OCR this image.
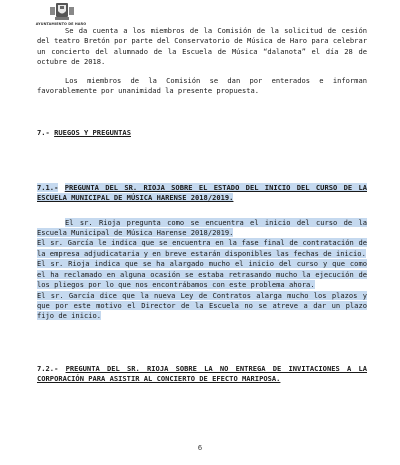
AYUNTAMIENTO DE HARO

Se da cuenta a los miembros de la Comisión de la solicitud de cesión del teatro Bretón por parte del Conservatorio de Música de Haro para celebrar un concierto del alumnado de la Escuela de Música “dalanota” el día 28 de octubre de 2018.

Los miembros de la Comisión se dan por enterados e informan favorablemente por unanimidad la presente propuesta.

7.- RUEGOS Y PREGUNTAS

7.1.- PREGUNTA DEL SR. RIOJA SOBRE EL ESTADO DEL INICIO DEL CURSO DE LA ESCUELA MUNICIPAL DE MÚSICA HARENSE 2018/2019.

El sr. Rioja pregunta como se encuentra el inicio del curso de la Escuela Municipal de Música Harense 2018/2019.

El sr. García le indica que se encuentra en la fase final de contratación de la empresa adjudicataria y en breve estarán disponibles las fechas de inicio.

El sr. Rioja indica que se ha alargado mucho el inicio del curso y que como el ha reclamado en alguna ocasión se estaba retrasando mucho la ejecución de los pliegos por lo que nos encontrábamos con este problema ahora.

El sr. García dice que la nueva Ley de Contratos alarga mucho los plazos y que por este motivo el Director de la Escuela no se atreve a dar un plazo fijo de inicio.

7.2.- PREGUNTA DEL SR. RIOJA SOBRE LA NO ENTREGA DE INVITACIONES A LA CORPORACIÓN PARA ASISTIR AL CONCIERTO DE EFECTO MARIPOSA.

6
